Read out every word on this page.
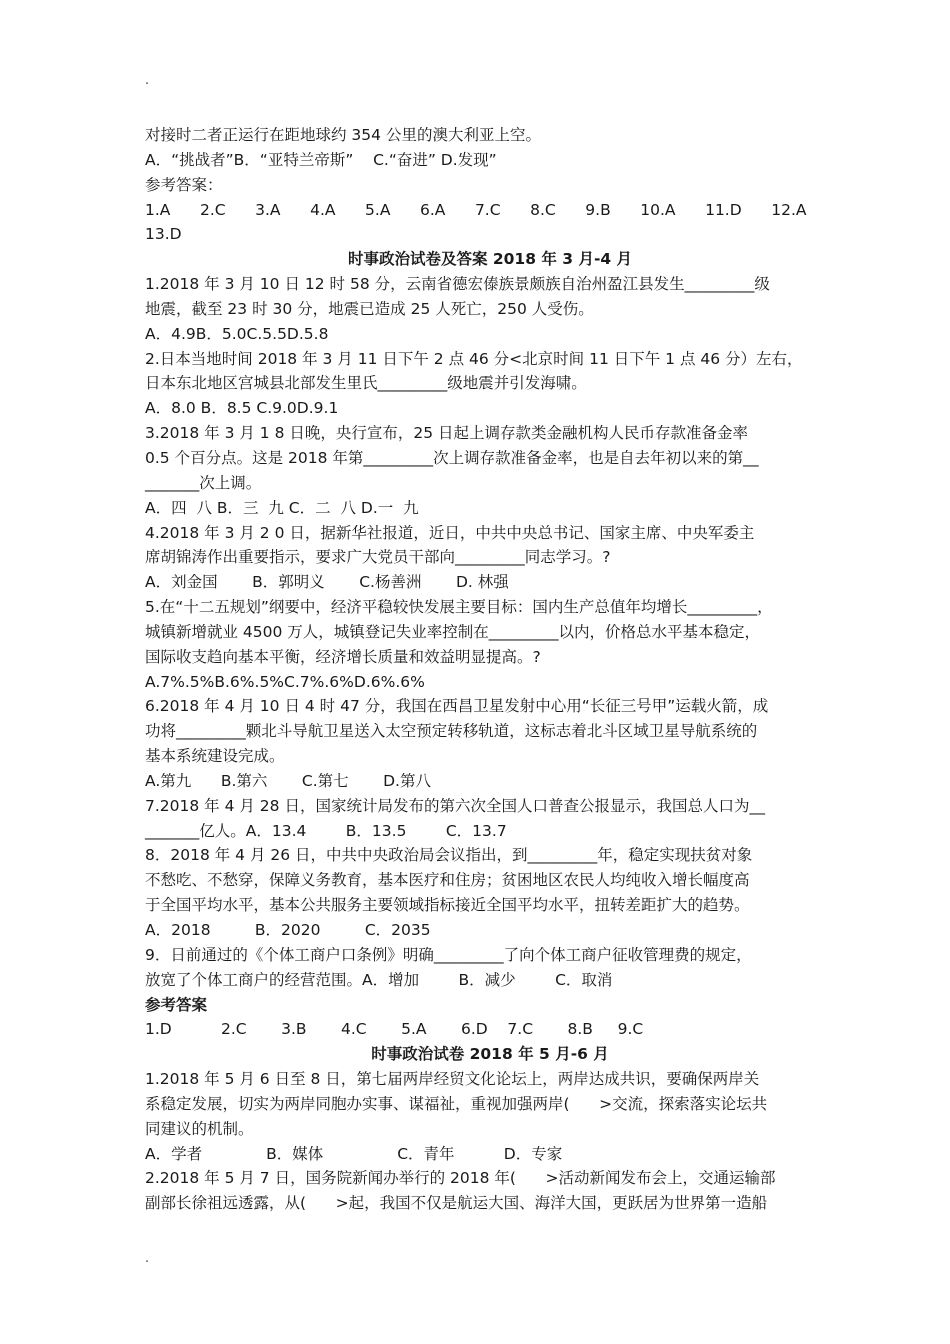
.
对接时二者正运行在距地球约 354 公里的澳大利亚上空。
A．“挑战者”B．“亚特兰帝斯”    C.“奋进” D.发现”
参考答案：
1.A      2.C      3.A      4.A      5.A      6.A      7.C      8.C      9.B      10.A      11.D      12.A
13.D
时事政治试卷及答案 2018 年 3 月-4 月
1.2018 年 3 月 10 日 12 时 58 分，云南省德宏傣族景颇族自治州盈江县发生_________级
地震，截至 23 时 30 分，地震已造成 25 人死亡，250 人受伤。
A．4.9B．5.0C.5.5D.5.8
2.日本当地时间 2018 年 3 月 11 日下午 2 点 46 分<北京时间 11 日下午 1 点 46 分）左右，
日本东北地区宫城县北部发生里氏_________级地震并引发海啸。
A．8.0 B．8.5 C.9.0D.9.1
3.2018 年 3 月 1 8 日晚，央行宣布，25 日起上调存款类金融机构人民币存款准备金率
0.5 个百分点。这是 2018 年第_________次上调存款准备金率，也是自去年初以来的第__
_______次上调。
A．四  八 B．三  九 C．二  八 D.一  九
4.2018 年 3 月 2 0 日，据新华社报道，近日，中共中央总书记、国家主席、中央军委主
席胡锦涛作出重要指示，要求广大党员干部向_________同志学习。?
A．刘金国       B．郭明义       C.杨善洲       D. 林强
5.在“十二五规划”纲要中，经济平稳较快发展主要目标：国内生产总值年均增长_________，
城镇新增就业 4500 万人，城镇登记失业率控制在_________以内，价格总水平基本稳定，
国际收支趋向基本平衡，经济增长质量和效益明显提高。?
A.7%.5%B.6%.5%C.7%.6%D.6%.6%
6.2018 年 4 月 10 日 4 时 47 分，我国在西昌卫星发射中心用“长征三号甲”运载火箭，成
功将_________颗北斗导航卫星送入太空预定转移轨道，这标志着北斗区域卫星导航系统的
基本系统建设完成。
A.第九      B.第六       C.第七       D.第八
7.2018 年 4 月 28 日，国家统计局发布的第六次全国人口普查公报显示，我国总人口为__
_______亿人。A．13.4        B．13.5        C．13.7
8．2018 年 4 月 26 日，中共中央政治局会议指出，到_________年，稳定实现扶贫对象
不愁吃、不愁穿，保障义务教育，基本医疗和住房；贫困地区农民人均纯收入增长幅度高
于全国平均水平，基本公共服务主要领域指标接近全国平均水平，扭转差距扩大的趋势。
A．2018         B．2020         C．2035
9．日前通过的《个体工商户口条例》明确_________了向个体工商户征收管理费的规定，
放宽了个体工商户的经营范围。A．增加        B．减少        C．取消
参考答案
1.D          2.C       3.B       4.C       5.A       6.D    7.C       8.B     9.C
时事政治试卷 2018 年 5 月-6 月
1.2018 年 5 月 6 日至 8 日，第七届两岸经贸文化论坛上，两岸达成共识，要确保两岸关
系稳定发展，切实为两岸同胞办实事、谋福祉，重视加强两岸(      >交流，探索落实论坛共
同建议的机制。
A．学者             B．媒体               C．青年          D．专家
2.2018 年 5 月 7 日，国务院新闻办举行的 2018 年(      >活动新闻发布会上，交通运输部
副部长徐祖远透露，从(      >起，我国不仅是航运大国、海洋大国，更跃居为世界第一造船
.
